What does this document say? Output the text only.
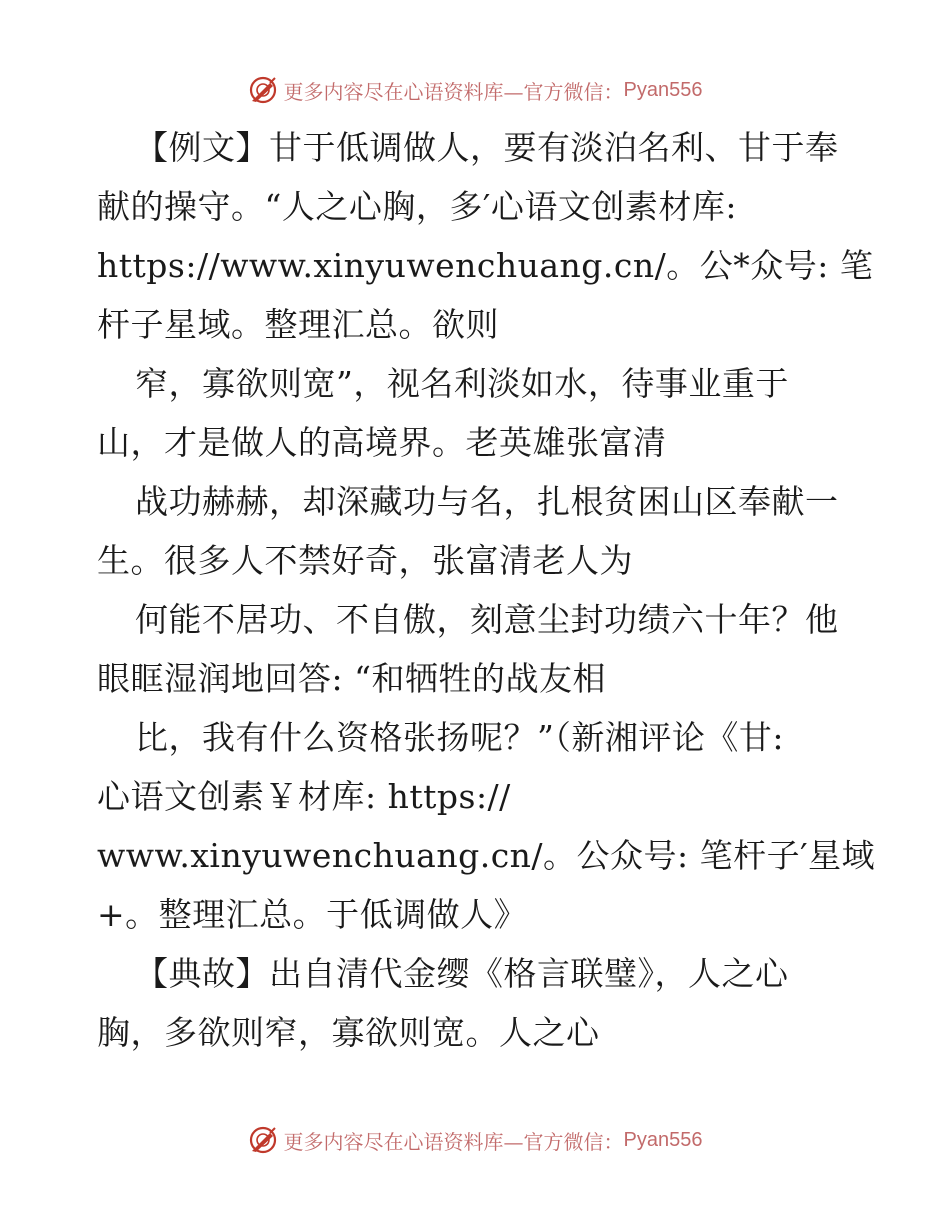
更多内容尽在心语资料库—官方微信： Pyan556
【例文】甘于低调做人，要有淡泊名利、甘于奉
献的操守。“人之心胸，多′心语文创素材库:
https://www.xinyuwenchuang.cn/。公*众号: 笔
杆子星域。整理汇总。欲则
窄，寡欲则宽”，视名利淡如水，待事业重于
山，才是做人的高境界。老英雄张富清
战功赫赫，却深藏功与名，扎根贫困山区奉献一
生。很多人不禁好奇，张富清老人为
何能不居功、不自傲，刻意尘封功绩六十年？他
眼眶湿润地回答: “和牺牲的战友相
比，我有什么资格张扬呢？”（新湘评论《甘:
心语文创素￥材库: https://
www.xinyuwenchuang.cn/。公众号: 笔杆子′星域
+。整理汇总。于低调做人》
【典故】出自清代金缨《格言联璧》，人之心
胸，多欲则窄，寡欲则宽。人之心
更多内容尽在心语资料库—官方微信： Pyan556
